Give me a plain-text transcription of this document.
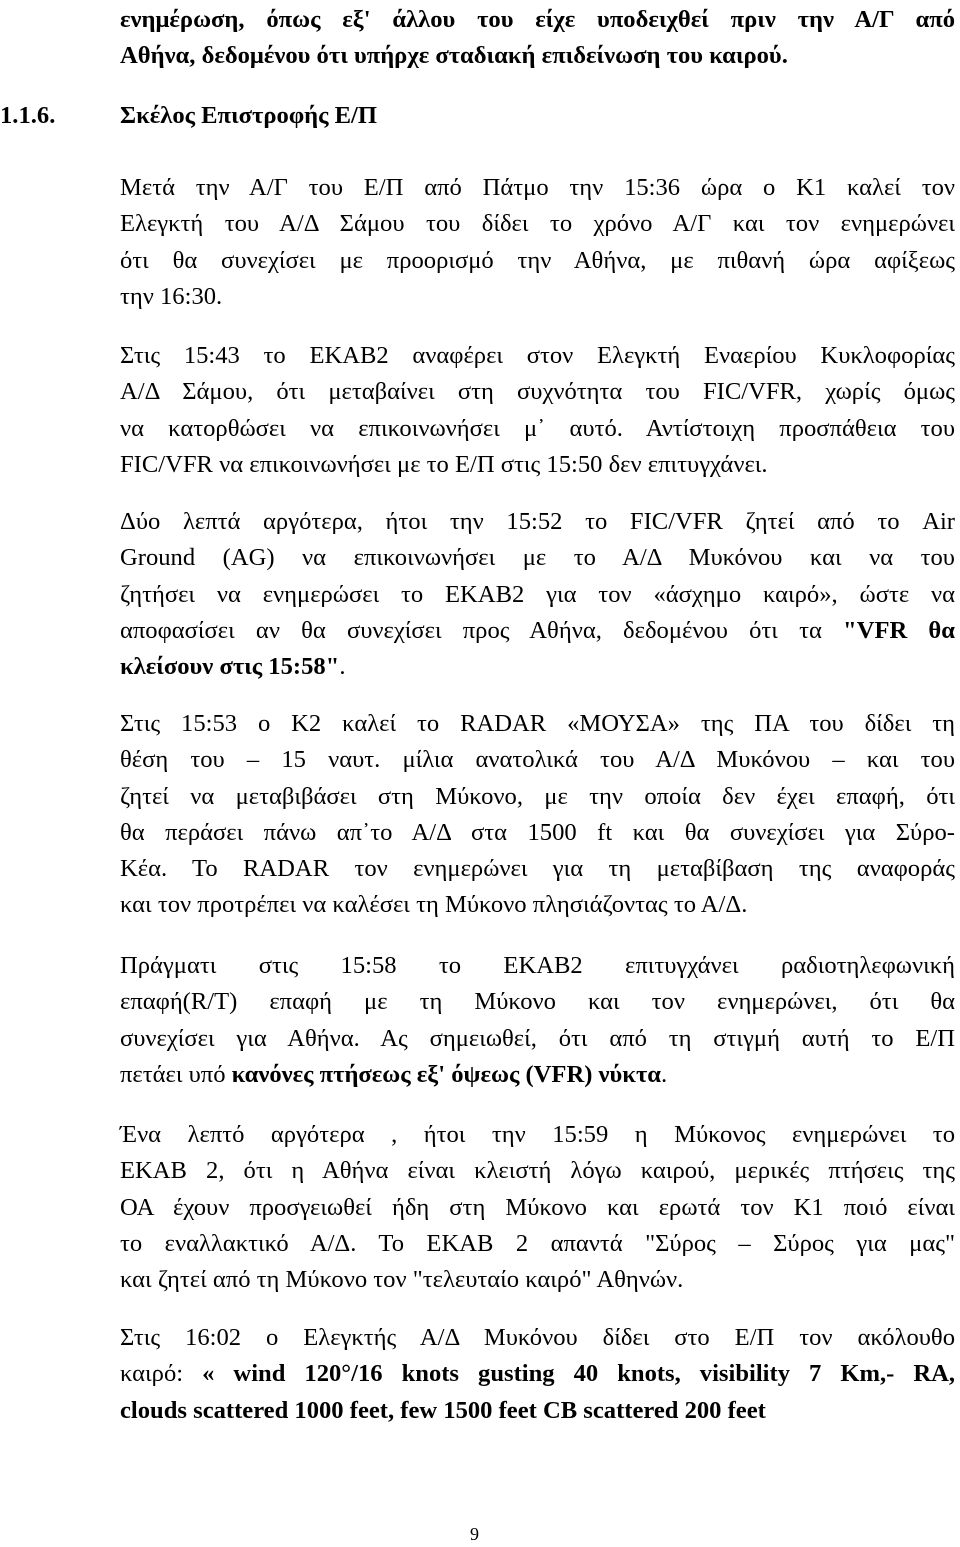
ενημέρωση, όπως εξ' άλλου του είχε υποδειχθεί πριν την Α/Γ από
Αθήνα, δεδομένου ότι υπήρχε σταδιακή επιδείνωση του καιρού.
1.1.6.	Σκέλος Επιστροφής Ε/Π
Μετά την Α/Γ του Ε/Π από Πάτμο την 15:36 ώρα ο Κ1 καλεί τον
Ελεγκτή του Α/Δ Σάμου του δίδει το χρόνο Α/Γ και τον ενημερώνει
ότι θα συνεχίσει με προορισμό την Αθήνα, με πιθανή ώρα αφίξεως
την 16:30.
Στις 15:43 το ΕΚΑΒ2 αναφέρει στον Ελεγκτή Εναερίου Κυκλοφορίας
Α/Δ Σάμου, ότι μεταβαίνει στη συχνότητα του FIC/VFR, χωρίς όμως
να κατορθώσει να επικοινωνήσει μ᾽ αυτό. Αντίστοιχη προσπάθεια του
FIC/VFR να επικοινωνήσει με το Ε/Π στις 15:50 δεν επιτυγχάνει.
Δύο λεπτά αργότερα, ήτοι την 15:52 το FIC/VFR ζητεί από το Air
Ground (AG) να επικοινωνήσει με το Α/Δ Μυκόνου και να του
ζητήσει να ενημερώσει το ΕΚΑΒ2 για τον «άσχημο καιρό», ώστε να
αποφασίσει αν θα συνεχίσει προς Αθήνα, δεδομένου ότι τα "VFR θα
κλείσουν στις 15:58".
Στις 15:53 ο Κ2 καλεί το RADAR «ΜΟΥΣΑ» της ΠΑ του δίδει τη
θέση του – 15 ναυτ. μίλια ανατολικά του Α/Δ Μυκόνου – και του
ζητεί να μεταβιβάσει στη Μύκονο, με την οποία δεν έχει επαφή, ότι
θα περάσει πάνω απ᾽το Α/Δ στα 1500 ft και θα συνεχίσει για Σύρο-
Κέα. Το RADAR τον ενημερώνει για τη μεταβίβαση της αναφοράς
και τον προτρέπει να καλέσει τη Μύκονο πλησιάζοντας το Α/Δ.
Πράγματι στις 15:58 το ΕΚΑΒ2 επιτυγχάνει ραδιοτηλεφωνική
επαφή(R/T) επαφή με τη Μύκονο και τον ενημερώνει, ότι θα
συνεχίσει για Αθήνα. Ας σημειωθεί, ότι από τη στιγμή αυτή το Ε/Π
πετάει υπό κανόνες πτήσεως εξ' όψεως (VFR) νύκτα.
Ένα λεπτό αργότερα , ήτοι την 15:59 η Μύκονος ενημερώνει το
ΕΚΑΒ 2, ότι η Αθήνα είναι κλειστή λόγω καιρού, μερικές πτήσεις της
ΟΑ έχουν προσγειωθεί ήδη στη Μύκονο και ερωτά τον Κ1 ποιό είναι
το εναλλακτικό Α/Δ. Το ΕΚΑΒ 2 απαντά "Σύρος – Σύρος για μας"
και ζητεί από τη Μύκονο τον "τελευταίο καιρό" Αθηνών.
Στις 16:02 ο Ελεγκτής Α/Δ Μυκόνου δίδει στο Ε/Π τον ακόλουθο
καιρό: « wind 120°/16 knots gusting 40 knots, visibility 7 Km,- RA,
clouds scattered 1000 feet, few 1500 feet CB scattered 200 feet
9
